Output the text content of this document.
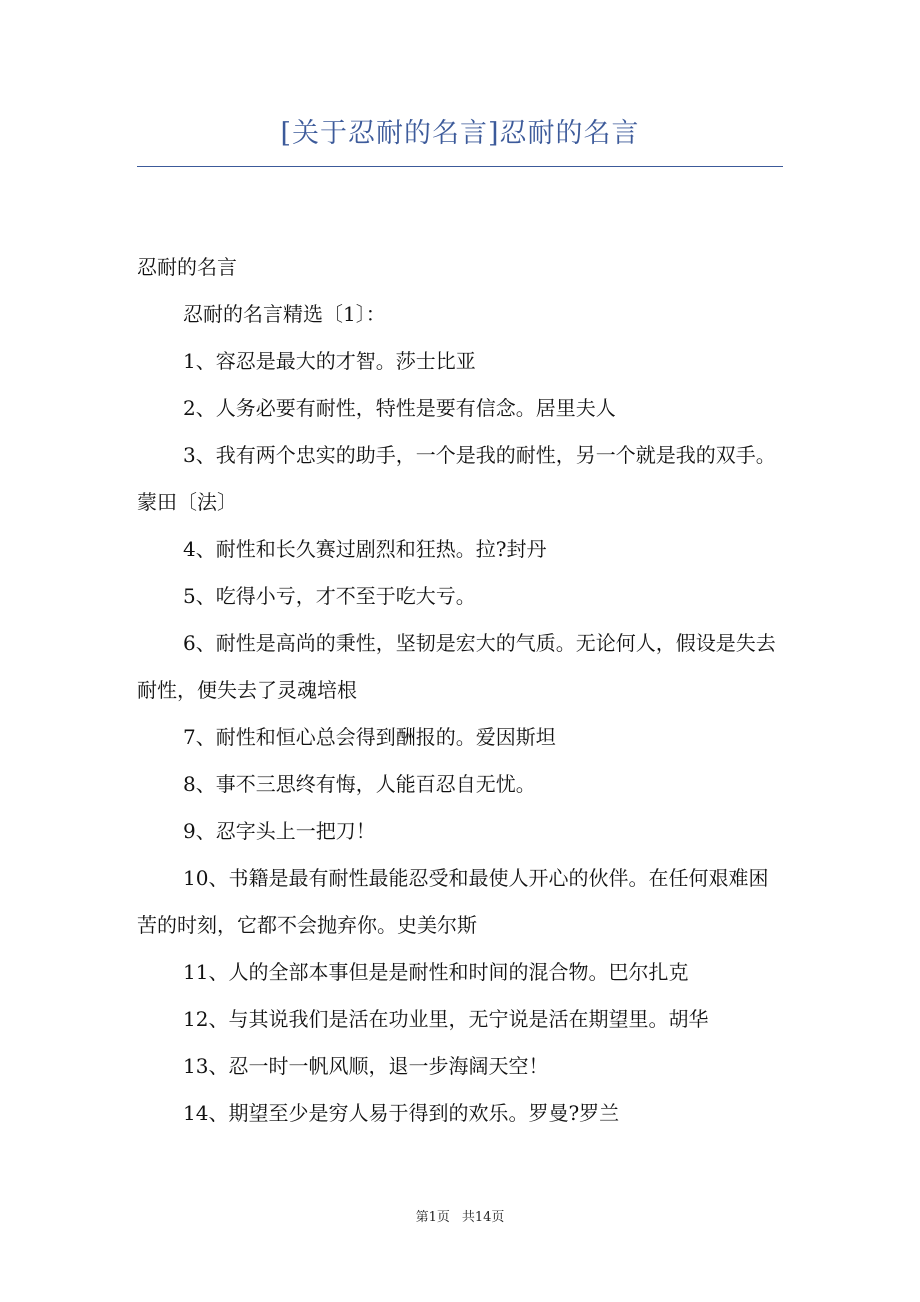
[关于忍耐的名言]忍耐的名言

忍耐的名言

忍耐的名言精选〔1〕：

1、容忍是最大的才智。莎士比亚

2、人务必要有耐性，特性是要有信念。居里夫人

3、我有两个忠实的助手，一个是我的耐性，另一个就是我的双手。蒙田〔法〕

4、耐性和长久赛过剧烈和狂热。拉?封丹

5、吃得小亏，才不至于吃大亏。

6、耐性是高尚的秉性，坚韧是宏大的气质。无论何人，假设是失去耐性，便失去了灵魂培根

7、耐性和恒心总会得到酬报的。爱因斯坦

8、事不三思终有悔，人能百忍自无忧。

9、忍字头上一把刀！

10、书籍是最有耐性最能忍受和最使人开心的伙伴。在任何艰难困苦的时刻，它都不会抛弃你。史美尔斯

11、人的全部本事但是是耐性和时间的混合物。巴尔扎克

12、与其说我们是活在功业里，无宁说是活在期望里。胡华

13、忍一时一帆风顺，退一步海阔天空！

14、期望至少是穷人易于得到的欢乐。罗曼?罗兰

第1页 共14页
